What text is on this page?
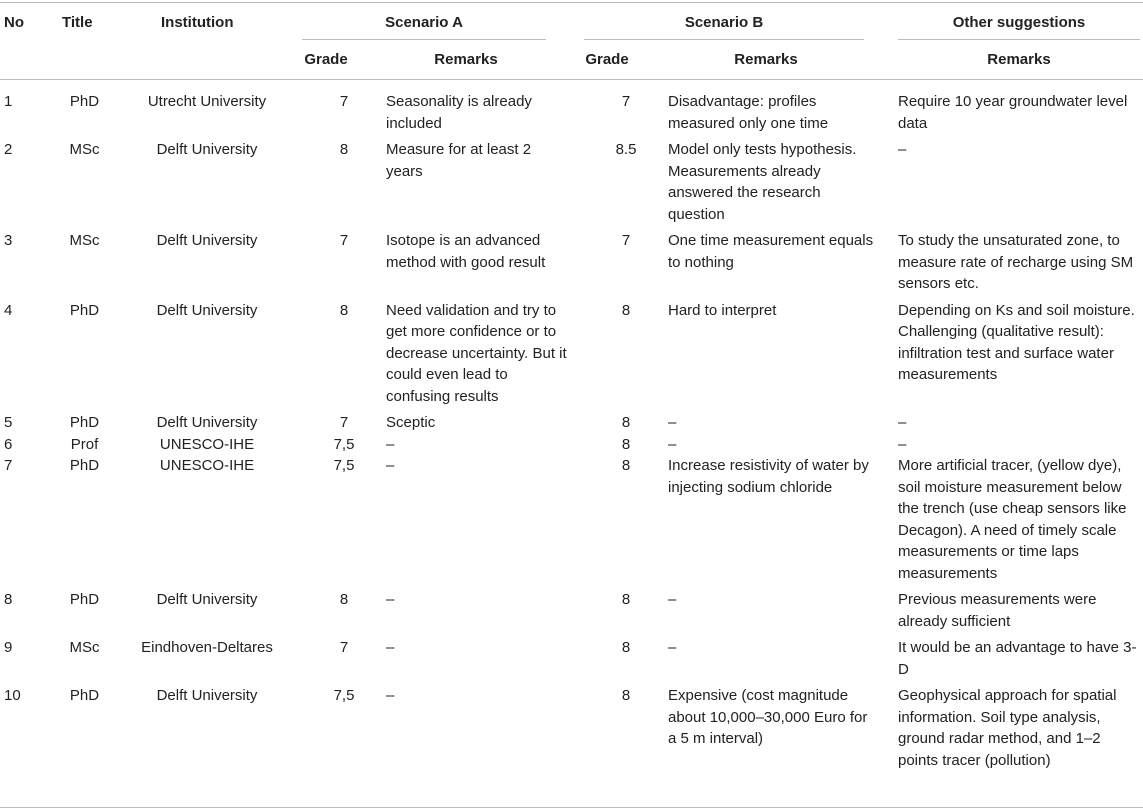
No	Title	Institution	Scenario A	Scenario B	Other suggestions
Grade	Remarks	Grade	Remarks	Remarks
1	PhD	Utrecht University	7	Seasonality is already included	7	Disadvantage: profiles measured only one time	Require 10 year groundwater level data
2	MSc	Delft University	8	Measure for at least 2 years	8.5	Model only tests hypothesis. Measurements already answered the research question	–
3	MSc	Delft University	7	Isotope is an advanced method with good result	7	One time measurement equals to nothing	To study the unsaturated zone, to measure rate of recharge using SM sensors etc.
4	PhD	Delft University	8	Need validation and try to get more confidence or to decrease uncertainty. But it could even lead to confusing results	8	Hard to interpret	Depending on Ks and soil moisture. Challenging (qualitative result): infiltration test and surface water measurements
5	PhD	Delft University	7	Sceptic	8	–	–
6	Prof	UNESCO-IHE	7,5	–	8	–	–
7	PhD	UNESCO-IHE	7,5	–	8	Increase resistivity of water by injecting sodium chloride	More artificial tracer, (yellow dye), soil moisture measurement below the trench (use cheap sensors like Decagon). A need of timely scale measurements or time laps measurements
8	PhD	Delft University	8	–	8	–	Previous measurements were already sufficient
9	MSc	Eindhoven-Deltares	7	–	8	–	It would be an advantage to have 3-D
10	PhD	Delft University	7,5	–	8	Expensive (cost magnitude about 10,000–30,000 Euro for a 5 m interval)	Geophysical approach for spatial information. Soil type analysis, ground radar method, and 1–2 points tracer (pollution)
